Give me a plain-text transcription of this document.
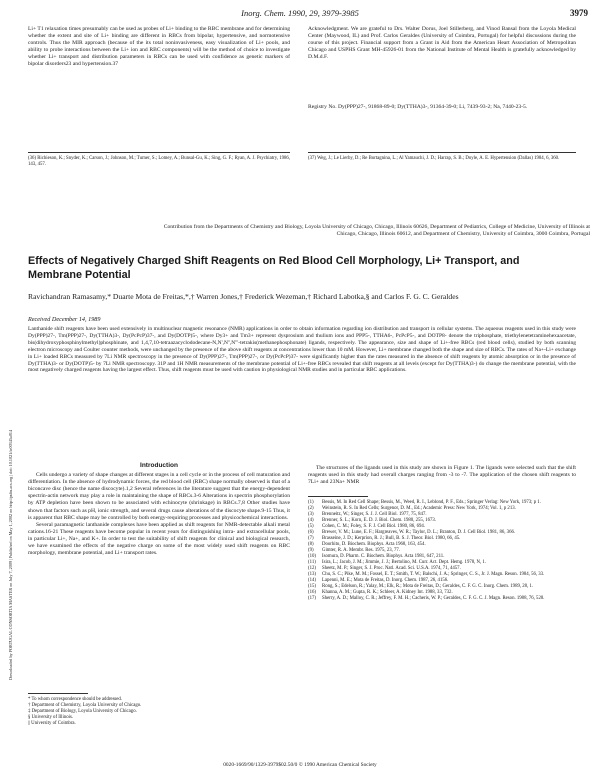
Inorg. Chem. 1990, 29, 3979-3985	3979

Li+ T1 relaxation times presumably can be used as probes of Li+ binding to the RBC membrane and for determining whether the extent and site of Li+ binding are different in RBCs from bipolar, hypertensive, and normotensive controls. Thus the MIR approach (because of the its total noninvasiveness, easy visualization of Li+ pools, and ability to probe interactions between the Li+ ion and RBC components) will be the method of choice to investigate whether Li+ transport and distribution parameters in RBCs can be used with confidence as genetic markers of bipolar disorders23 and hypertension.37

(36) Richieson, K.; Snyder, K.; Carson, J.; Johnson, M.; Turner, S.; Lomey, A.; Bunsal-Gu, K.; Sing, G. F.; Ryan, A. J. Psychiatry, 1986, 143, 457.
Acknowledgment. We are grateful to Drs. Walter Dorus, Joel Stillerberg, and Vinod Bansal from the Loyola Medical Center (Maywood, IL) and Prof. Carlos Geraldes (University of Coimbra, Portugal) for helpful discussions during the course of this project. Financial support from a Grant in Aid from the American Heart Association of Metropolitan Chicago and USPHS Grant MH-45926-01 from the National Institute of Mental Health is gratefully acknowledged by D.M.d.F.
Registry No. Dy(PPP)27-, 91868-89-0; Dy(TTHA)3-, 91364-39-0; Li, 7439-93-2; Na, 7440-23-5.
(37) Weg, J.; Le Lierby, D.; Re Bortagnina, L.; Al Yamauchi, J. D.; Harrap, S. B.; Doyle, A. E. Hypertension (Dallas) 1984, 6, 360.
Contribution from the Departments of Chemistry and Biology, Loyola University of Chicago, Chicago, Illinois 60626, Department of Pediatrics, College of Medicine, University of Illinois at Chicago, Chicago, Illinois 60612, and Department of Chemistry, University of Coimbra, 3000 Coimbra, Portugal
Effects of Negatively Charged Shift Reagents on Red Blood Cell Morphology, Li+ Transport, and Membrane Potential
Ravichandran Ramasamy,* Duarte Mota de Freitas,*,† Warren Jones,† Frederick Wezeman,† Richard Labotka,§ and Carlos F. G. C. Geraldes
Received December 14, 1989
Lanthanide shift reagents have been used extensively in multinuclear magnetic resonance (NMR) applications in order to obtain information regarding ion distribution and transport in cellular systems. The aqueous reagents used in this study were Dy(PPP)27-, Tm(PPP)27-, Dy(TTHA)3-, Dy(PcPcP)37-, and Dy(DOTP)5-, where Dy3+ and Tm3+ represent dysprosium and thulium ions and PPP5-, TTHA6-, PcPcP5-, and DOTP8- denote the triphosphate, triethylenetetraminehexaacetate, bis(dihydroxyphosphinylmethyl)phosphinate, and 1,4,7,10-tetraazacyclododecane-N,N',N'',N'''-tetrakis(methanephosphonate) ligands, respectively. The appearance, size and shape of Li+-free RBCs (red blood cells), studied by both scanning electron microscopy and Coulter counter methods, were unchanged by the presence of the above shift reagents at concentrations lower than 10 mM. However, Li+ membrane changed both the shape and size of RBCs. The rates of Na+-Li+ exchange in Li+ loaded RBCs measured by 7Li NMR spectroscopy in the presence of Dy(PPP)27-, Tm(PPP)27-, or Dy(PcPcP)37- were significantly higher than the rates measured in the absence of shift reagents by atomic absorption or in the presence of Dy(TTHA)3- or Dy(DOTP)5- by 7Li NMR spectroscopy. 31P and 1H NMR measurements of the membrane potential of Li+-free RBCs revealed that shift reagents at all levels (except for Dy(TTHA)3-) do change the membrane potential, with the most negatively charged reagents having the largest effect. Thus, shift reagents must be used with caution in physiological NMR studies and in particular RBC applications.
Downloaded by PORTUGAL CONSORTIA MASTER on July 7, 2009 | Published on May 1, 2002 on http://pubs.acs.org | doi: 10.1021/ic00345a014	Introduction

Cells undergo a variety of shape changes at different stages in a cell cycle or in the process of cell maturation and differentiation. In the absence of hydrodynamic forces, the red blood cell (RBC) shape normally observed is that of a biconcave disc (hence the name discocyte).1,2 Several references in the literature suggest that the energy-dependent spectrin-actin network may play a role in maintaining the shape of RBCs.3-6 Alterations in spectrin phosphorylation by ATP depletion have been shown to be associated with echinocyte (shrinkage) in RBCs.7,8 Other studies have shown that factors such as pH, ionic strength, and several drugs cause alterations of the discocyte shape.9-15 Thus, it is apparent that RBC shape may be controlled by both energy-requiring processes and physicochemical interactions.

Several paramagnetic lanthanide complexes have been applied as shift reagents for NMR-detectable alkali metal cations.16-21 These reagents have become popular in recent years for distinguishing intra- and extracellular pools, in particular Li+, Na+, and K+. In order to test the suitability of shift reagents for clinical and biological research, we have examined the effects of the negative charge on some of the most widely used shift reagents on RBC morphology, membrane potential, and Li+ transport rates.

* To whom correspondence should be addressed.
† Department of Chemistry, Loyola University of Chicago.
‡ Department of Biology, Loyola University of Chicago.
§ University of Illinois.
|| University of Coimbra.
The structures of the ligands used in this study are shown in Figure 1. The ligands were selected such that the shift reagents used in this study had overall charges ranging from -3 to -7. The application of the chosen shift reagents to 7Li+ and 23Na+ NMR
(1) Bessis, M. In Red Cell Shape; Bessis, M., Weed, R. I., Leblond, P. F., Eds.; Springer Verlag: New York, 1973; p 1.
(2) Weinstein, R. S. In Red Cells; Surgenor, D. M., Ed.; Academic Press: New York, 1974; Vol. 1, p 213.
(3) Brenneitz, W.; Singer, S. J. J. Cell Biol. 1977, 75, 847.
(4) Brenner, S. L.; Korn, E. D. J. Biol. Chem. 1980, 255, 1673.
(5) Cohen, C. M.; Foley, S. F. J. Cell Biol. 1980, 86, 694.
(6) Brewer, V. M.; Lune, E. F.; Hargreaves, W. R.; Taylor, D. L.; Branton, D. J. Cell Biol. 1981, 86, 366.
(7) Brasseine, J. D.; Kerprion, R. J.; Bull, B. S. J. Theor. Biol. 1980, 66, 45.
(8) Doorhito, D. Biochem. Biophys. Acta 1968, 163, 454.
(9) Gimter, R. A. Membr. Res. 1975, 23, 77.
(10) Isomura, D. Pharm. C. Biochem. Biophys. Acta 1981, 647, 211.
(11) Isira, L.; Jacob, J. M.; Jimmie, J. J.; Bertolino, M. Curr. Act. Dept. Hemg. 1978, N, 1.
(12) Sheetz, M. P.; Singer, S. J. Proc. Natl. Acad. Sci. U.S.A. 1974, 71, 4457.
(13) Chu, S. C.; Pike, M. M.; Fossel, E. T.; Smith, T. W.; Balschi, J. A.; Springer, C. S., Jr. J. Magn. Reson. 1984, 56, 33.
(14) Lapenni, M. E.; Mota de Freitas, D. Inorg. Chem. 1987, 26, 4156.
(15) Rong, S.; Edelson, R.; Yalay, M.; Elk, R.; Mota de Freitas, D.; Geraldes, C. F. G. C. Inorg. Chem. 1989, 28, 1.
(16) Khanna, A. M.; Gupta, R. K.; Schleer, A. Kidney Int. 1988, 33, 732.
(17) Sherry, A. D.; Malloy, C. R.; Jeffrey, F. M. H.; Cacheris, W. P.; Geraldes, C. F. G. C. J. Magn. Reson. 1988, 76, 528.
0020-1669/90/1329-3979$02.50/0 © 1990 American Chemical Society
